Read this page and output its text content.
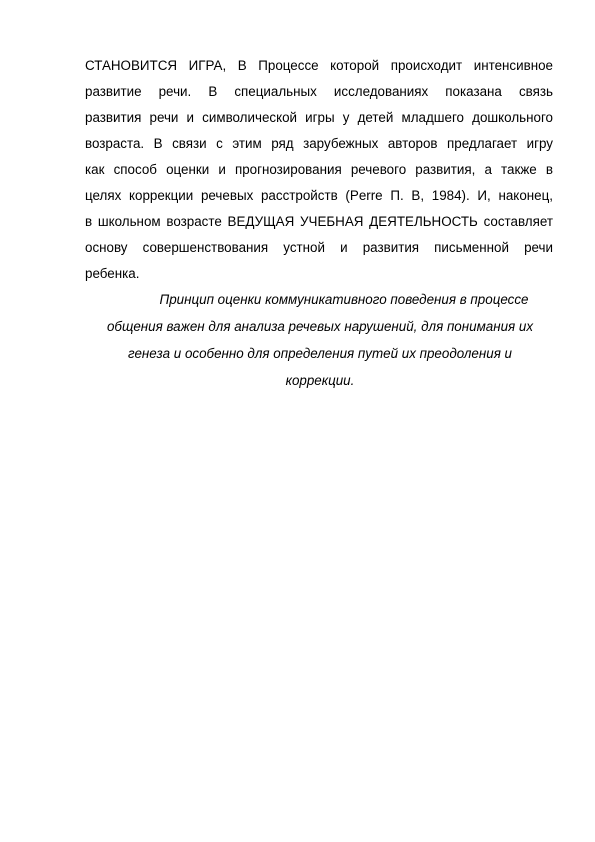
СТАНОВИТСЯ ИГРА, В Процессе которой происходит интенсивное
развитие речи. В специальных исследованиях показана связь
развития речи и символической игры у детей младшего дошкольного
возраста. В связи с этим ряд зарубежных авторов предлагает игру
как способ оценки и прогнозирования речевого развития, а также в
целях коррекции речевых расстройств (Perre П. В, 1984). И, наконец,
в школьном возрасте ВЕДУЩАЯ УЧЕБНАЯ ДЕЯТЕЛЬНОСТЬ составляет
основу совершенствования устной и развития письменной речи
ребенка.
Принцип оценки коммуникативного поведения в процессе
общения важен для анализа речевых нарушений, для понимания их
генеза и особенно для определения путей их преодоления и
коррекции.
